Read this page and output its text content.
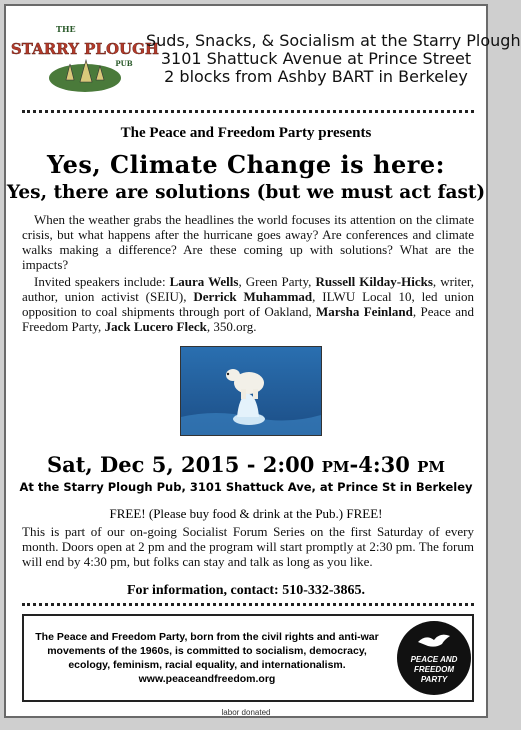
THE
STARRY PLOUGH
PUB
Suds, Snacks, & Socialism at the Starry Plough
3101 Shattuck Avenue at Prince Street
2 blocks from Ashby BART in Berkeley
The Peace and Freedom Party presents
Yes, Climate Change is here:
Yes, there are solutions (but we must act fast)
When the weather grabs the headlines the world focuses its attention on the climate crisis, but what happens after the hurricane goes away? Are conferences and climate walks making a difference? Are these coming up with solutions? What are the impacts?
Invited speakers include: Laura Wells, Green Party, Russell Kilday-Hicks, writer, author, union activist (SEIU), Derrick Muhammad, ILWU Local 10, led union opposition to coal shipments through port of Oakland, Marsha Feinland, Peace and Freedom Party, Jack Lucero Fleck, 350.org.
Sat, Dec 5, 2015 - 2:00 PM-4:30 PM
At the Starry Plough Pub, 3101 Shattuck Ave, at Prince St in Berkeley
FREE! (Please buy food & drink at the Pub.) FREE!
This is part of our on-going Socialist Forum Series on the first Saturday of every month. Doors open at 2 pm and the program will start promptly at 2:30 pm. The forum will end by 4:30 pm, but folks can stay and talk as long as you like.
For information, contact: 510-332-3865.
The Peace and Freedom Party, born from the civil rights and anti-war
movements of the 1960s, is committed to socialism, democracy,
ecology, feminism, racial equality, and internationalism.
www.peaceandfreedom.org
PEACE AND
FREEDOM
PARTY
labor donated
